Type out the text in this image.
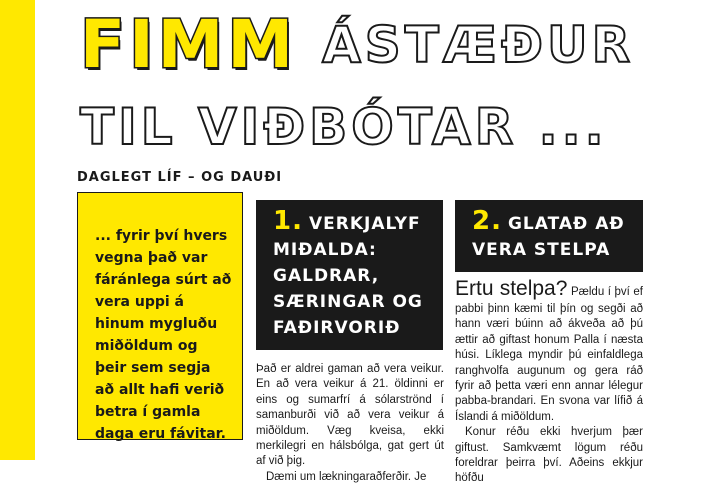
FIMM ÁSTÆÐUR
TIL VIÐBÓTAR ...
DAGLEGT LÍF – OG DAUÐI

... fyrir því hvers vegna það var fáránlega súrt að vera uppi á hinum mygluðu miðöldum og þeir sem segja að allt hafi verið betra í gamla daga eru fávitar.

1. VERKJALYF MIÐALDA: GALDRAR, SÆRINGAR OG FAÐIRVORIÐ
2. GLATAÐ AÐ VERA STELPA

Það er aldrei gaman að vera veikur. En að vera veikur á 21. öldinni er eins og sumarfrí á sólarströnd í samanburði við að vera veikur á miðöldum. Væg kveisa, ekki merkilegri en hálsbólga, gat gert út af við þig.

Dæmi um lækningaraðferðir. Je

Ertu stelpa? Pældu í því ef pabbi þinn kæmi til þín og segði að hann væri búinn að ákveða að þú ættir að giftast honum Palla í næsta húsi. Líklega myndir þú einfaldlega ranghvolfa augunum og gera ráð fyrir að þetta væri enn annar lélegur pabba-brandari. En svona var lífið á Íslandi á miðöldum.

Konur réðu ekki hverjum þær giftust. Samkvæmt lögum réðu foreldrar þeirra því. Aðeins ekkjur höfðu
